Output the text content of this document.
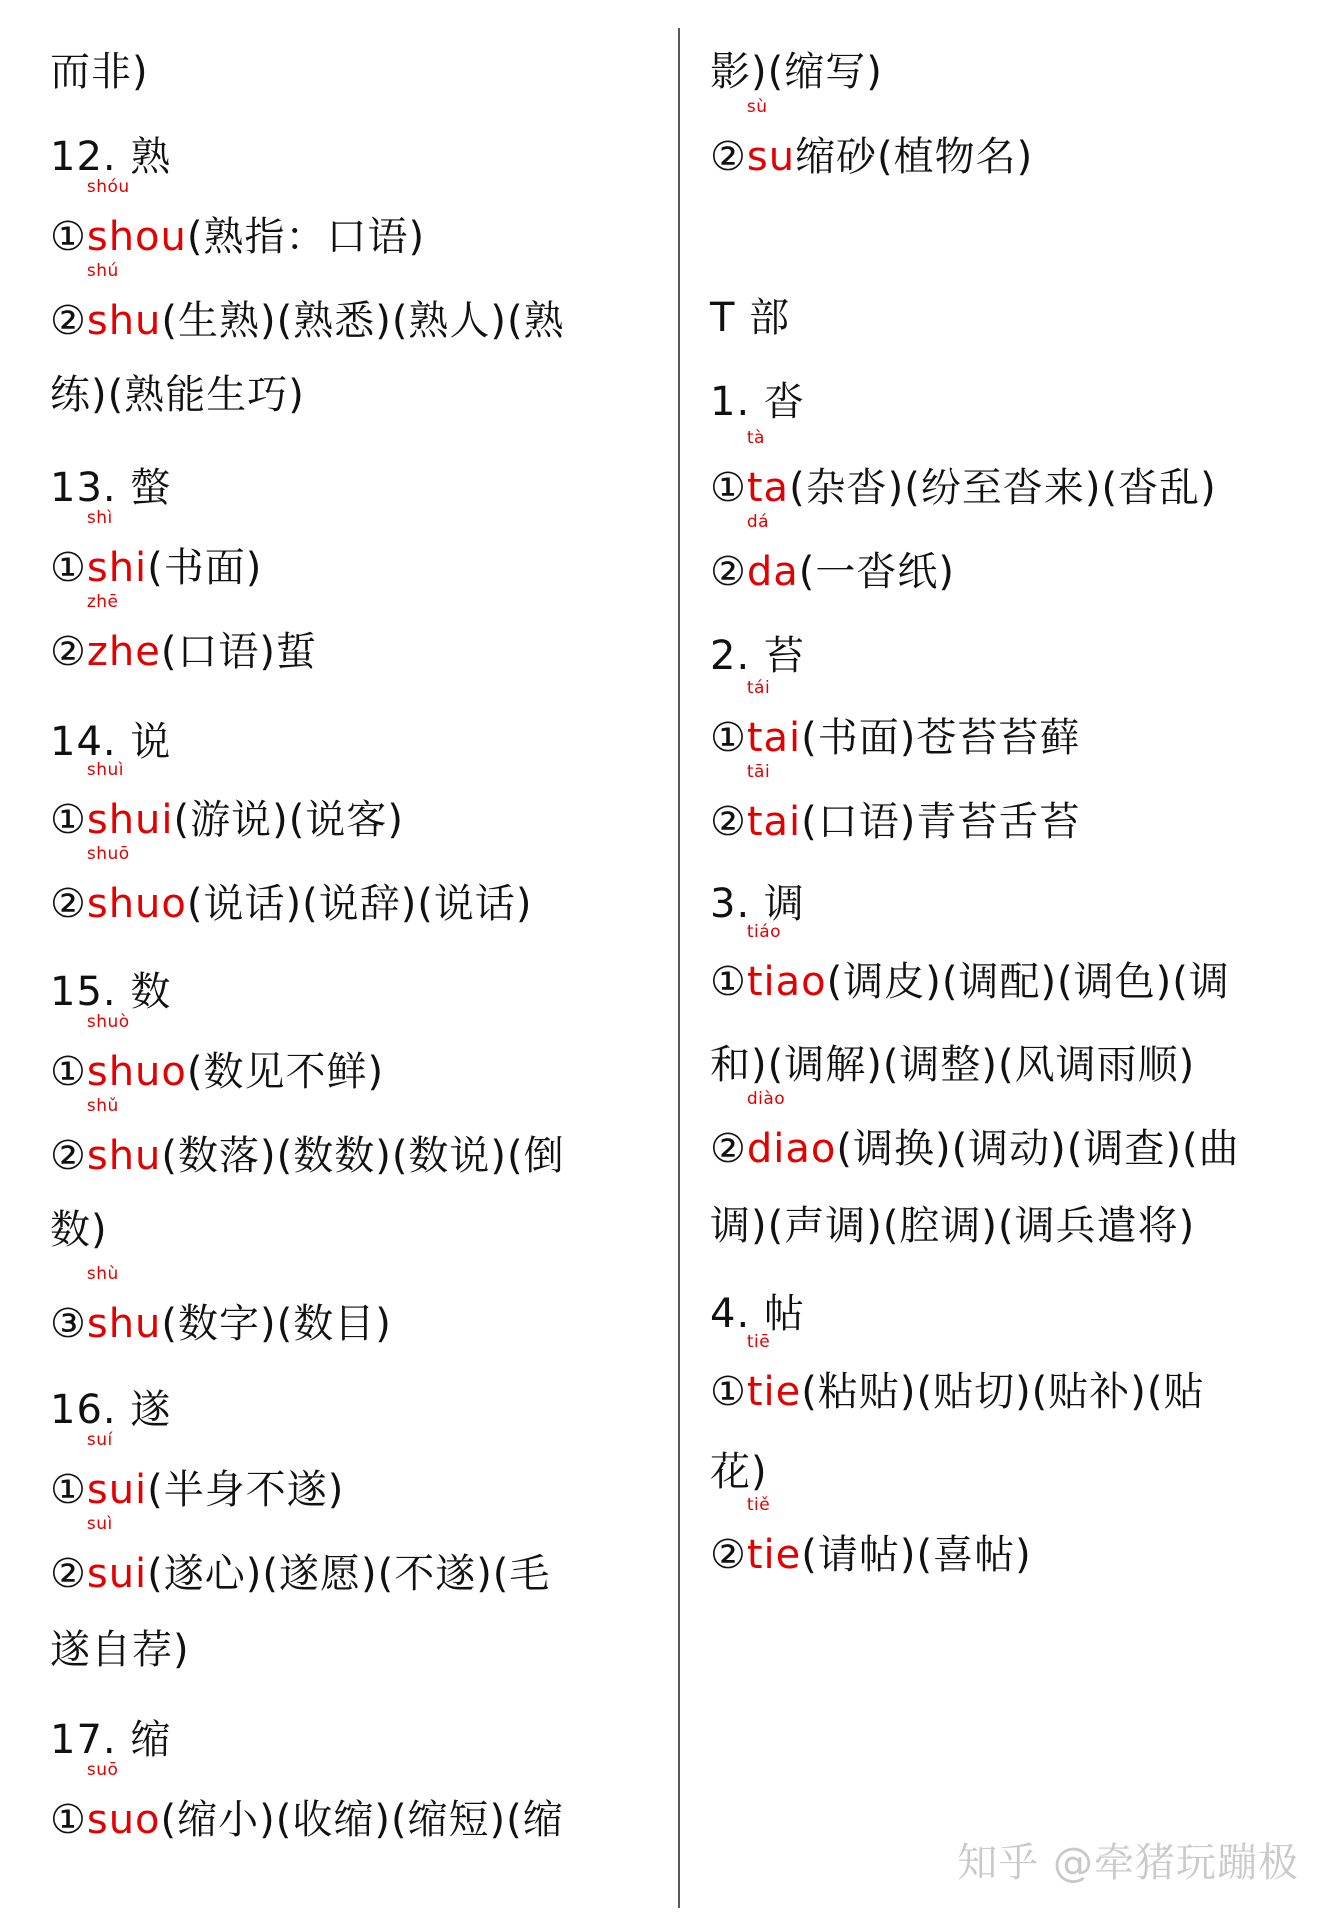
而非)
12. 熟
①shou
shóu
(熟指：口语)
②shu
shú
(生熟)(熟悉)(熟人)(熟
练)(熟能生巧)
13. 螫
①shi
shì
(书面)
②zhe
zhē
(口语)蜇
14. 说
①shui
shuì
(游说)(说客)
②shuo
shuō
(说话)(说辞)(说话)
15. 数
①shuo
shuò
(数见不鲜)
②shu
shǔ
(数落)(数数)(数说)(倒
数)
③shu
shù
(数字)(数目)
16. 遂
①sui
suí
(半身不遂)
②sui
suì
(遂心)(遂愿)(不遂)(毛
遂自荐)
17. 缩
①suo
suō
(缩小)(收缩)(缩短)(缩
影)(缩写)
②su
sù
缩砂(植物名)
T 部
1. 沓
①ta
tà
(杂沓)(纷至沓来)(沓乱)
②da
dá
(一沓纸)
2. 苔
①tai
tái
(书面)苍苔苔藓
②tai
tāi
(口语)青苔舌苔
3. 调
①tiao
tiáo
(调皮)(调配)(调色)(调
和)(调解)(调整)(风调雨顺)
②diao
diào
(调换)(调动)(调查)(曲
调)(声调)(腔调)(调兵遣将)
4. 帖
①tie
tiē
(粘贴)(贴切)(贴补)(贴
花)
②tie
tiě
(请帖)(喜帖)
知乎 @牵猪玩蹦极
